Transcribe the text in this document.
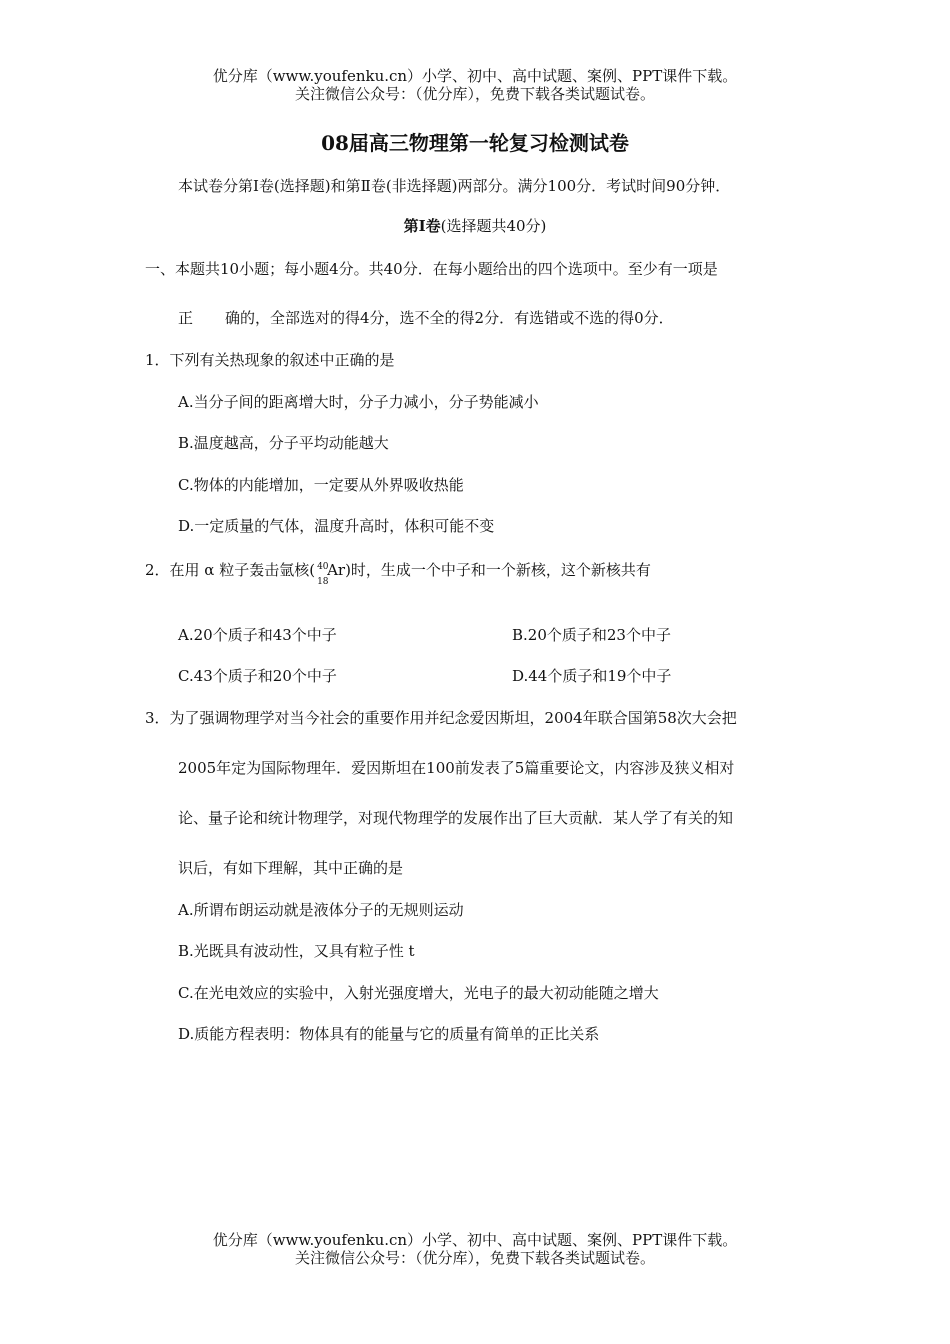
优分库（www.youfenku.cn）小学、初中、高中试题、案例、PPT课件下载。
关注微信公众号：（优分库），免费下载各类试题试卷。
08届高三物理第一轮复习检测试卷
本试卷分第Ⅰ卷(选择题)和第Ⅱ卷(非选择题)两部分。满分100分．考试时间90分钟．
第Ⅰ卷(选择题共40分)
一、本题共10小题；每小题4分。共40分．在每小题给出的四个选项中。至少有一项是
正 确的，全部选对的得4分，选不全的得2分．有选错或不选的得0分．
1．下列有关热现象的叙述中正确的是
A.当分子间的距离增大时，分子力减小，分子势能减小
B.温度越高，分子平均动能越大
C.物体的内能增加，一定要从外界吸收热能
D.一定质量的气体，温度升高时，体积可能不变
2．在用 α 粒子轰击氩核( 40
18
Ar)时，生成一个中子和一个新核，这个新核共有
A.20个质子和43个中子	B.20个质子和23个中子
C.43个质子和20个中子	D.44个质子和19个中子
3．为了强调物理学对当今社会的重要作用并纪念爱因斯坦，2004年联合国第58次大会把
2005年定为国际物理年．爱因斯坦在100前发表了5篇重要论文，内容涉及狭义相对
论、量子论和统计物理学，对现代物理学的发展作出了巨大贡献．某人学了有关的知
识后，有如下理解，其中正确的是
A.所谓布朗运动就是液体分子的无规则运动
B.光既具有波动性，又具有粒子性 t
C.在光电效应的实验中，入射光强度增大，光电子的最大初动能随之增大
D.质能方程表明：物体具有的能量与它的质量有简单的正比关系
优分库（www.youfenku.cn）小学、初中、高中试题、案例、PPT课件下载。
关注微信公众号：（优分库），免费下载各类试题试卷。
